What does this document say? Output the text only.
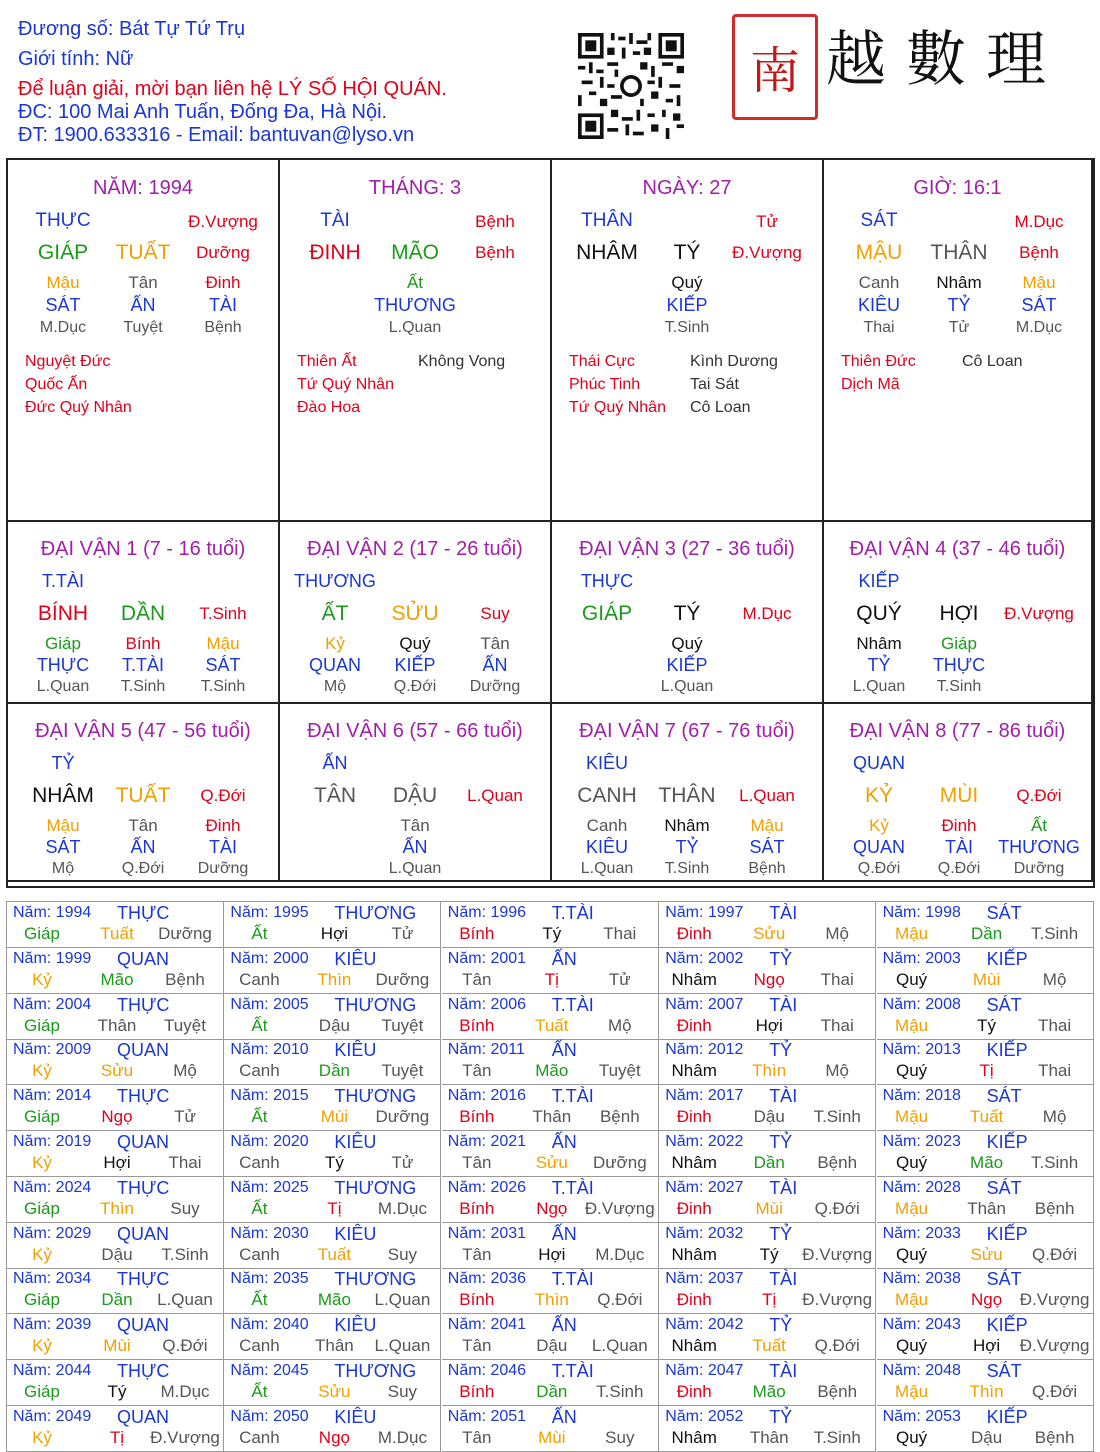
Đương số: Bát Tự Tứ Trụ
Giới tính: Nữ
Để luận giải, mời bạn liên hệ LÝ SỐ HỘI QUÁN.
ĐC: 100 Mai Anh Tuấn, Đống Đa, Hà Nội.
ĐT: 1900.633316 - Email: bantuvan@lyso.vn
南 越數理
NĂM: 1994
THỰC	Đ.Vượng
GIÁP TUẤT Dưỡng
Mậu
SÁT
M.Dục
Tân
ẤN
Tuyệt
Đinh
TÀI
Bệnh
Nguyệt Đức
Quốc Ấn
Đức Quý Nhân
THÁNG: 3
TÀI	Bệnh
ĐINH MÃO Bệnh
Ất
THƯƠNG
L.Quan
Thiên Ất
Tứ Quý Nhân
Đào Hoa
Không Vong
NGÀY: 27
THÂN	Tử
NHÂM TÝ Đ.Vượng
Quý
KIẾP
T.Sinh
Thái Cực
Phúc Tinh
Tứ Quý Nhân
Kình Dương
Tai Sát
Cô Loan
GIỜ: 16:1
SÁT	M.Dục
MẬU THÂN Bệnh
Canh
KIÊU
Thai
Nhâm
TỶ
Tử
Mậu
SÁT
M.Dục
Thiên Đức
Dịch Mã
Cô Loan
ĐẠI VẬN 1 (7 - 16 tuổi)
T.TÀI
BÍNH DẦN T.Sinh
Giáp
THỰC
L.Quan
Bính
T.TÀI
T.Sinh
Mậu
SÁT
T.Sinh
ĐẠI VẬN 2 (17 - 26 tuổi)
THƯƠNG
ẤT SỬU Suy
Kỷ
QUAN
Mộ
Quý
KIẾP
Q.Đới
Tân
ẤN
Dưỡng
ĐẠI VẬN 3 (27 - 36 tuổi)
THỰC
GIÁP TÝ M.Dục
Quý
KIẾP
L.Quan
ĐẠI VẬN 4 (37 - 46 tuổi)
KIẾP
QUÝ HỢI Đ.Vượng
Nhâm
TỶ
L.Quan
Giáp
THỰC
T.Sinh
ĐẠI VẬN 5 (47 - 56 tuổi)
TỶ
NHÂM TUẤT Q.Đới
Mậu
SÁT
Mộ
Tân
ẤN
Q.Đới
Đinh
TÀI
Dưỡng
ĐẠI VẬN 6 (57 - 66 tuổi)
ẤN
TÂN DẬU L.Quan
Tân
ẤN
L.Quan
ĐẠI VẬN 7 (67 - 76 tuổi)
KIÊU
CANH THÂN L.Quan
Canh
KIÊU
L.Quan
Nhâm
TỶ
T.Sinh
Mậu
SÁT
Bệnh
ĐẠI VẬN 8 (77 - 86 tuổi)
QUAN
KỶ MÙI Q.Đới
Kỷ
QUAN
Q.Đới
Đinh
TÀI
Q.Đới
Ất
THƯƠNG
Dưỡng
Năm: 1994 THỰC
Giáp Tuất Dưỡng
Năm: 1995 THƯƠNG
Ất	Hợi	Tử
Năm: 1996 T.TÀI
Bính	Tý Thai
Năm: 1997 TÀI
Đinh Sửu Mộ
Năm: 1998 SÁT
Mậu	Dần T.Sinh
Năm: 1999 QUAN
Kỷ	Mão Bệnh
Năm: 2000 KIÊU
Canh Thìn Dưỡng
Năm: 2001 ẤN
Tân	Tị	Tử
Năm: 2002 TỶ
Nhâm Ngọ Thai
Năm: 2003 KIẾP
Quý	Mùi Mộ
Năm: 2004 THỰC
Giáp Thân Tuyệt
Năm: 2005 THƯƠNG
Ất	Dậu Tuyệt
Năm: 2006 T.TÀI
Bính Tuất Mộ
Năm: 2007 TÀI
Đinh	Hợi Thai
Năm: 2008 SÁT
Mậu	Tý Thai
Năm: 2009 QUAN
Kỷ	Sửu Mộ
Năm: 2010 KIÊU
Canh Dần Tuyệt
Năm: 2011 ẤN
Tân	Mão Tuyệt
Năm: 2012 TỶ
Nhâm Thìn Mộ
Năm: 2013 KIẾP
Quý	Tị	Thai
Năm: 2014 THỰC
Giáp Ngọ Tử
Năm: 2015 THƯƠNG
Ất	Mùi Dưỡng
Năm: 2016 T.TÀI
Bính Thân Bệnh
Năm: 2017 TÀI
Đinh Dậu T.Sinh
Năm: 2018 SÁT
Mậu Tuất Mộ
Năm: 2019 QUAN
Kỷ	Hợi Thai
Năm: 2020 KIÊU
Canh	Tý	Tử
Năm: 2021 ẤN
Tân	Sửu Dưỡng
Năm: 2022 TỶ
Nhâm Dần Bệnh
Năm: 2023 KIẾP
Quý	Mão T.Sinh
Năm: 2024 THỰC
Giáp Thìn Suy
Năm: 2025 THƯƠNG
Ất	Tị M.Dục
Năm: 2026 T.TÀI
Bính Ngọ Đ.Vượng
Năm: 2027 TÀI
Đinh	Mùi Q.Đới
Năm: 2028 SÁT
Mậu Thân Bệnh
Năm: 2029 QUAN
Kỷ	Dậu T.Sinh
Năm: 2030 KIÊU
Canh Tuất Suy
Năm: 2031 ẤN
Tân	Hợi M.Dục
Năm: 2032 TỶ
Nhâm	Tý Đ.Vượng
Năm: 2033 KIẾP
Quý	Sửu Q.Đới
Năm: 2034 THỰC
Giáp Dần L.Quan
Năm: 2035 THƯƠNG
Ất	Mão L.Quan
Năm: 2036 T.TÀI
Bính Thìn Q.Đới
Năm: 2037 TÀI
Đinh	Tị Đ.Vượng
Năm: 2038 SÁT
Mậu	Ngọ Đ.Vượng
Năm: 2039 QUAN
Kỷ	Mùi Q.Đới
Năm: 2040 KIÊU
Canh Thân L.Quan
Năm: 2041 ẤN
Tân	Dậu L.Quan
Năm: 2042 TỶ
Nhâm Tuất Q.Đới
Năm: 2043 KIẾP
Quý	Hợi Đ.Vượng
Năm: 2044 THỰC
Giáp	Tý M.Dục
Năm: 2045 THƯƠNG
Ất	Sửu Suy
Năm: 2046 T.TÀI
Bính Dần T.Sinh
Năm: 2047 TÀI
Đinh Mão Bệnh
Năm: 2048 SÁT
Mậu Thìn Q.Đới
Năm: 2049 QUAN
Kỷ	Tị Đ.Vượng
Năm: 2050 KIÊU
Canh Ngọ M.Dục
Năm: 2051 ẤN
Tân	Mùi Suy
Năm: 2052 TỶ
Nhâm Thân T.Sinh
Năm: 2053 KIẾP
Quý	Dậu Bệnh
